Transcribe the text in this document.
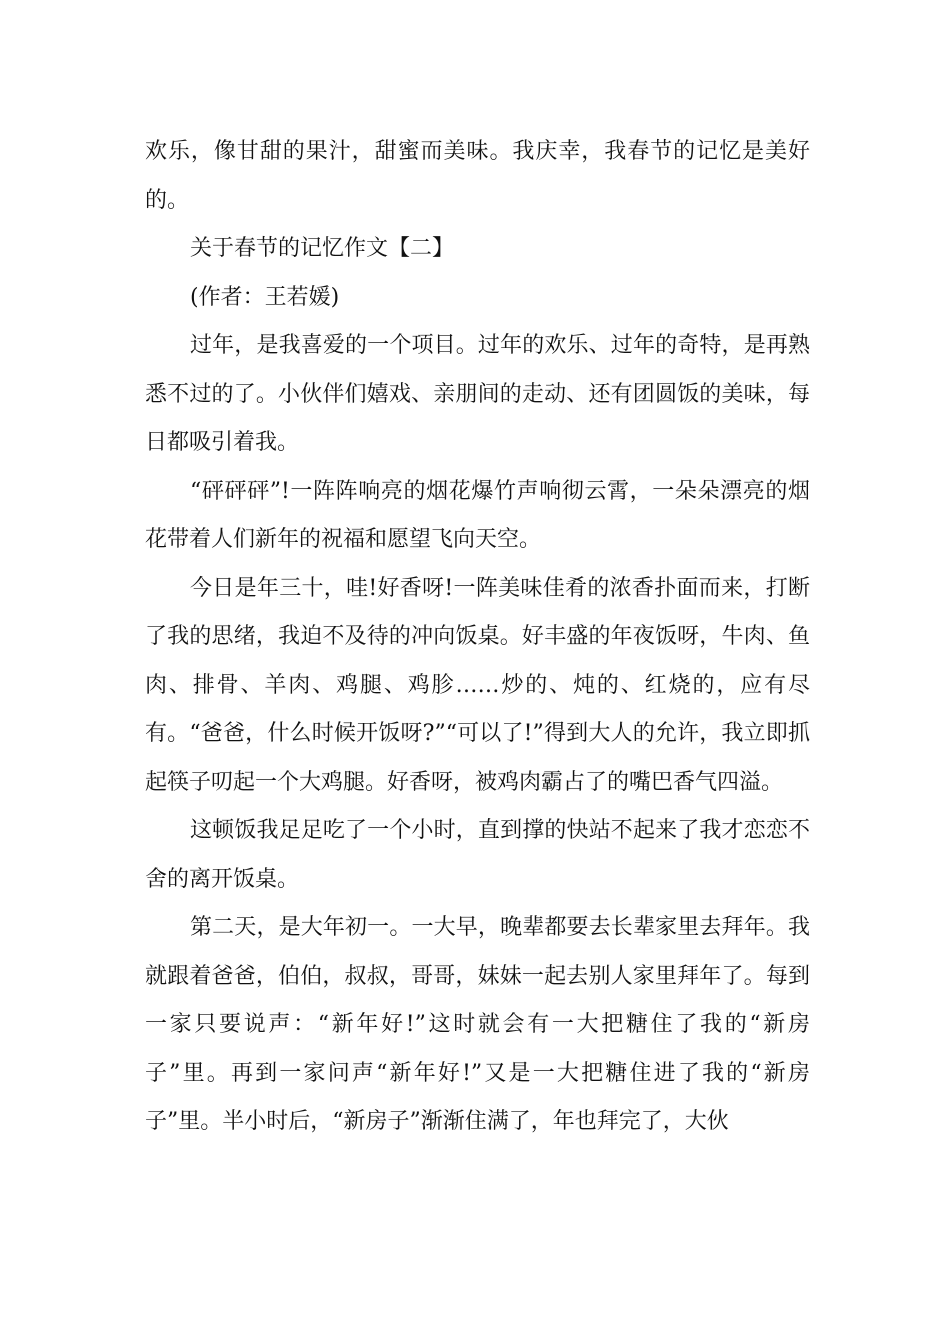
欢乐，像甘甜的果汁，甜蜜而美味。我庆幸，我春节的记忆是美好的。

关于春节的记忆作文【二】

(作者：王若媛)

过年，是我喜爱的一个项目。过年的欢乐、过年的奇特，是再熟悉不过的了。小伙伴们嬉戏、亲朋间的走动、还有团圆饭的美味，每日都吸引着我。

“砰砰砰”!一阵阵响亮的烟花爆竹声响彻云霄，一朵朵漂亮的烟花带着人们新年的祝福和愿望飞向天空。

今日是年三十，哇!好香呀!一阵美味佳肴的浓香扑面而来，打断了我的思绪，我迫不及待的冲向饭桌。好丰盛的年夜饭呀，牛肉、鱼肉、排骨、羊肉、鸡腿、鸡胗……炒的、炖的、红烧的，应有尽有。“爸爸，什么时候开饭呀?”“可以了!”得到大人的允许，我立即抓起筷子叨起一个大鸡腿。好香呀，被鸡肉霸占了的嘴巴香气四溢。

这顿饭我足足吃了一个小时，直到撑的快站不起来了我才恋恋不舍的离开饭桌。

第二天，是大年初一。一大早，晚辈都要去长辈家里去拜年。我就跟着爸爸，伯伯，叔叔，哥哥，妹妹一起去别人家里拜年了。每到一家只要说声：“新年好!”这时就会有一大把糖住了我的“新房子”里。再到一家问声“新年好!”又是一大把糖住进了我的“新房子”里。半小时后，“新房子”渐渐住满了，年也拜完了，大伙
